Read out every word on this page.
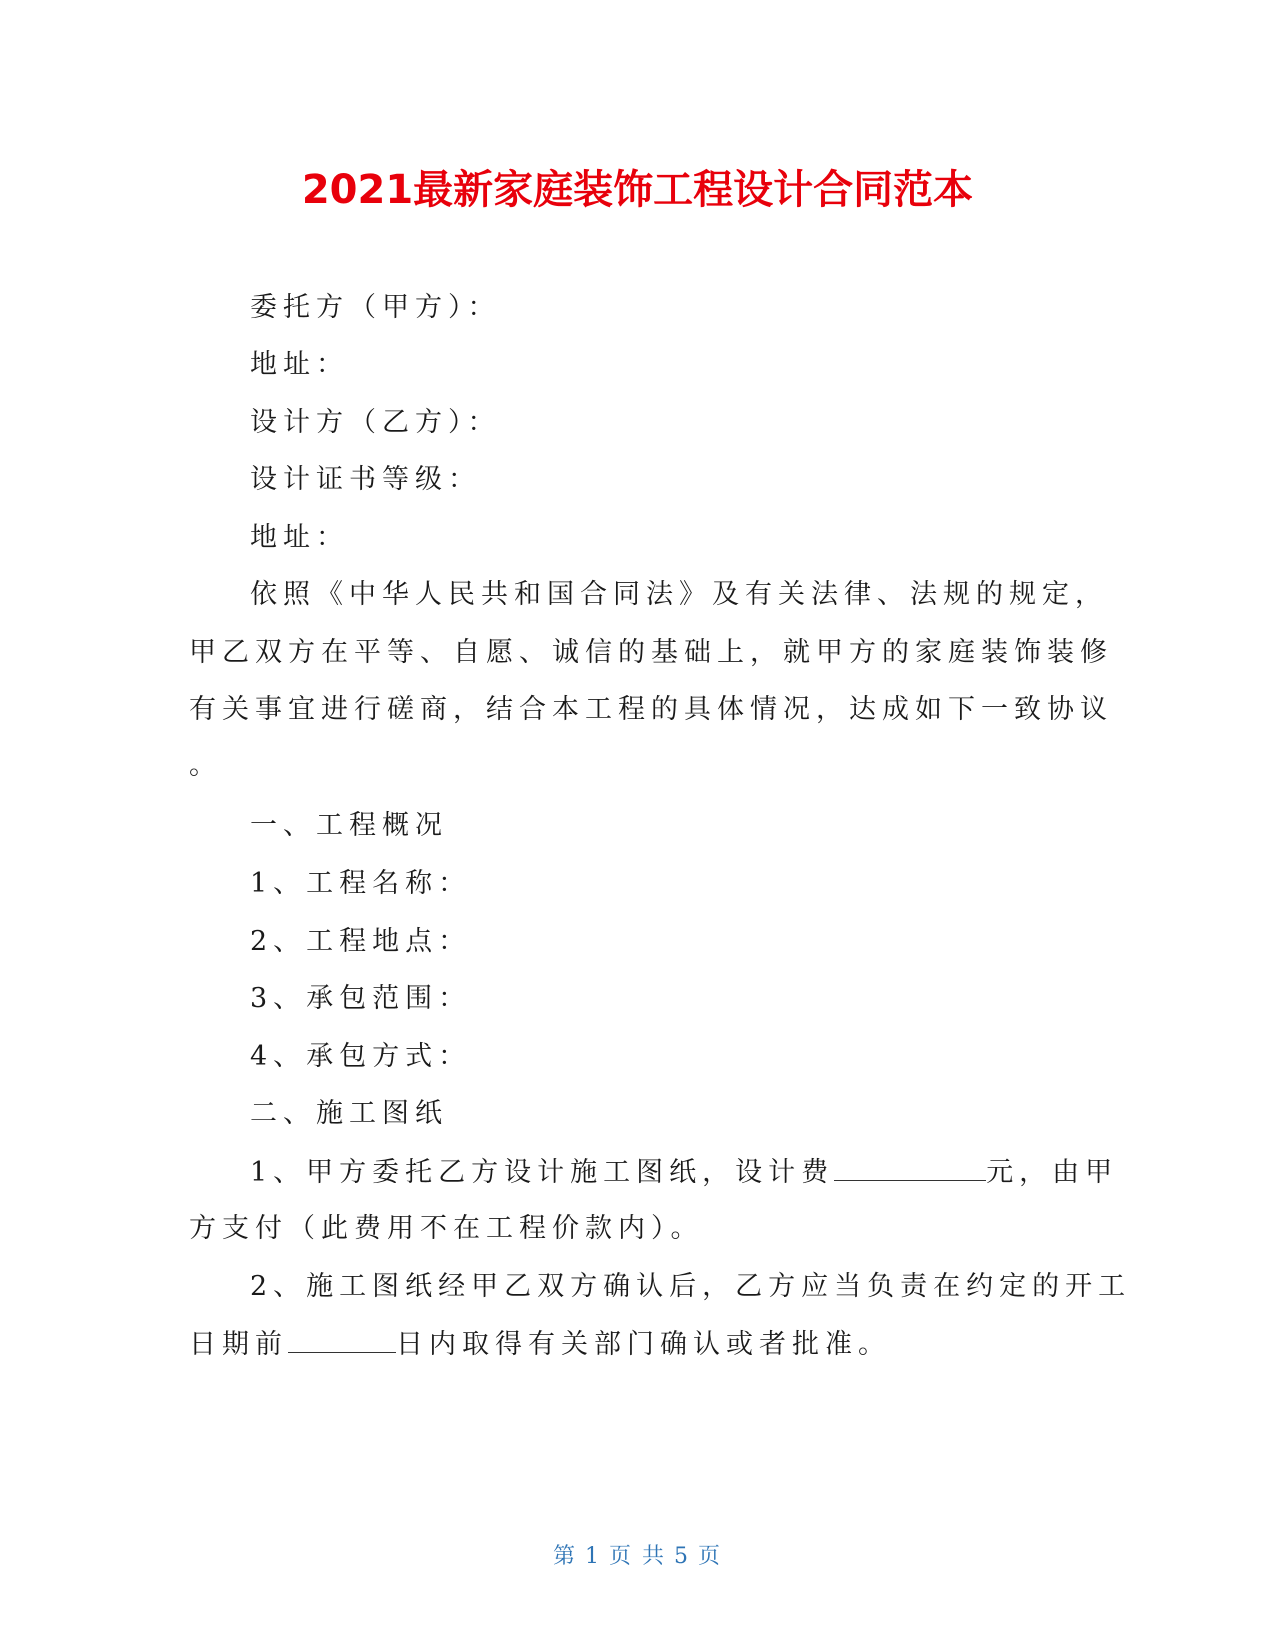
2021最新家庭装饰工程设计合同范本
委托方（甲方）：
地址：
设计方（乙方）：
设计证书等级：
地址：
依照《中华人民共和国合同法》及有关法律、法规的规定，
甲乙双方在平等、自愿、诚信的基础上，就甲方的家庭装饰装修
有关事宜进行磋商，结合本工程的具体情况，达成如下一致协议
。
一、工程概况
1、工程名称：
2、工程地点：
3、承包范围：
4、承包方式：
二、施工图纸
1、甲方委托乙方设计施工图纸，设计费	元，由甲
方支付（此费用不在工程价款内）。
2、施工图纸经甲乙双方确认后，乙方应当负责在约定的开工
日期前	日内取得有关部门确认或者批准。
第 1 页 共 5 页
